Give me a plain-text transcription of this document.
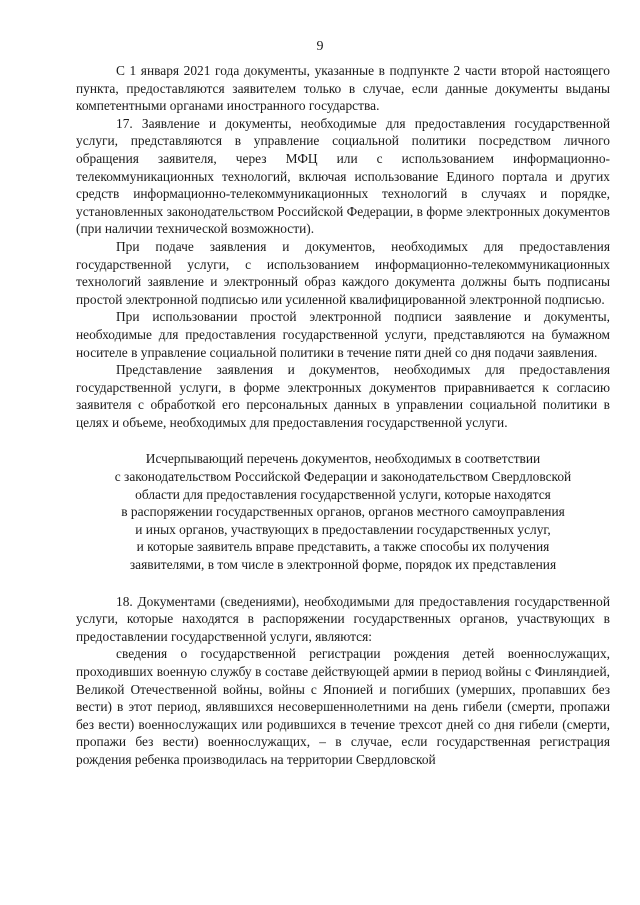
9

С 1 января 2021 года документы, указанные в подпункте 2 части второй настоящего пункта, предоставляются заявителем только в случае, если данные документы выданы компетентными органами иностранного государства.

17. Заявление и документы, необходимые для предоставления государственной услуги, представляются в управление социальной политики посредством личного обращения заявителя, через МФЦ или с использованием информационно-телекоммуникационных технологий, включая использование Единого портала и других средств информационно-телекоммуникационных технологий в случаях и порядке, установленных законодательством Российской Федерации, в форме электронных документов (при наличии технической возможности).

При подаче заявления и документов, необходимых для предоставления государственной услуги, с использованием информационно-телекоммуникационных технологий заявление и электронный образ каждого документа должны быть подписаны простой электронной подписью или усиленной квалифицированной электронной подписью.

При использовании простой электронной подписи заявление и документы, необходимые для предоставления государственной услуги, представляются на бумажном носителе в управление социальной политики в течение пяти дней со дня подачи заявления.

Представление заявления и документов, необходимых для предоставления государственной услуги, в форме электронных документов приравнивается к согласию заявителя с обработкой его персональных данных в управлении социальной политики в целях и объеме, необходимых для предоставления государственной услуги.

Исчерпывающий перечень документов, необходимых в соответствии
с законодательством Российской Федерации и законодательством Свердловской
области для предоставления государственной услуги, которые находятся
в распоряжении государственных органов, органов местного самоуправления
и иных органов, участвующих в предоставлении государственных услуг,
и которые заявитель вправе представить, а также способы их получения
заявителями, в том числе в электронной форме, порядок их представления

18. Документами (сведениями), необходимыми для предоставления государственной услуги, которые находятся в распоряжении государственных органов, участвующих в предоставлении государственной услуги, являются:

сведения о государственной регистрации рождения детей военнослужащих, проходивших военную службу в составе действующей армии в период войны с Финляндией, Великой Отечественной войны, войны с Японией и погибших (умерших, пропавших без вести) в этот период, являвшихся несовершеннолетними на день гибели (смерти, пропажи без вести) военнослужащих или родившихся в течение трехсот дней со дня гибели (смерти, пропажи без вести) военнослужащих, – в случае, если государственная регистрация рождения ребенка производилась на территории Свердловской
